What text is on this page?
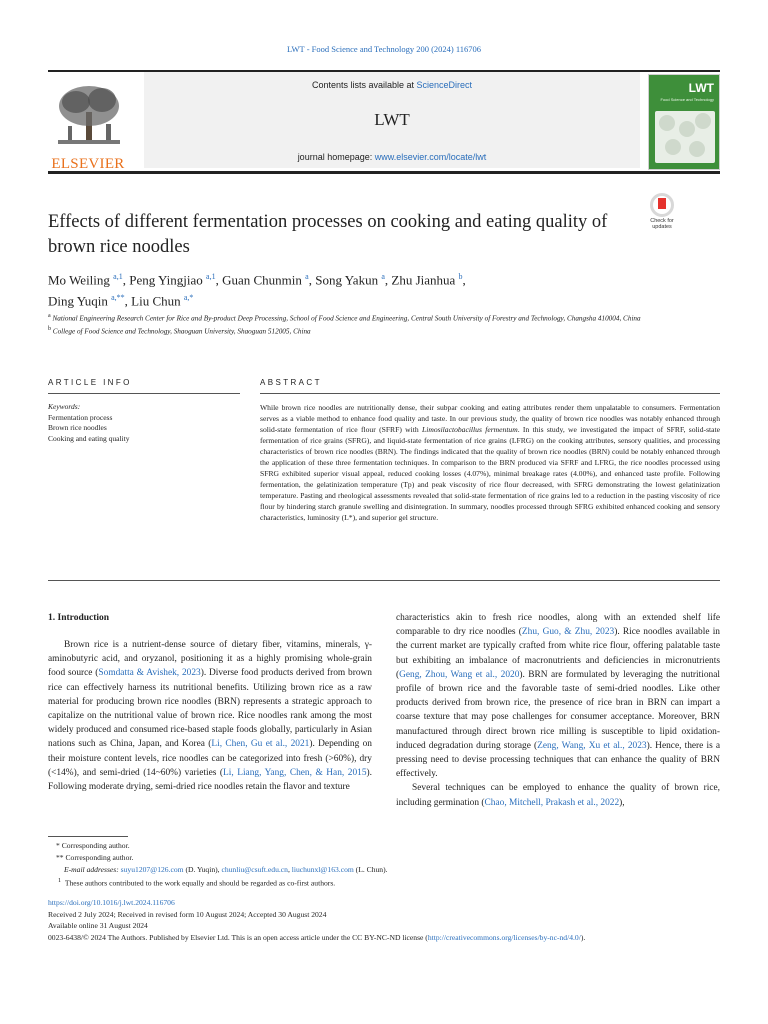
LWT - Food Science and Technology 200 (2024) 116706
ELSEVIER
Contents lists available at ScienceDirect
LWT
journal homepage: www.elsevier.com/locate/lwt
LWT
Food Science and Technology
Check for updates
Effects of different fermentation processes on cooking and eating quality of brown rice noodles
Mo Weiling $^{a,1}$, Peng Yingjiao $^{a,1}$, Guan Chunmin $^a$, Song Yakun $^a$, Zhu Jianhua $^b$,
Ding Yuqin $^{a,**}$, Liu Chun $^{a,*}$
$^a$ National Engineering Research Center for Rice and By-product Deep Processing, School of Food Science and Engineering, Central South University of Forestry and Technology, Changsha 410004, China
$^b$ College of Food Science and Technology, Shaoguan University, Shaoguan 512005, China
ARTICLE INFO	ABSTRACT
Keywords:
Fermentation process
Brown rice noodles
Cooking and eating quality
While brown rice noodles are nutritionally dense, their subpar cooking and eating attributes render them unpalatable to consumers. Fermentation serves as a viable method to enhance food quality and taste. In our previous study, the quality of brown rice noodles was notably enhanced through solid-state fermentation of rice flour (SFRF) with Limosilactobacillus fermentum. In this study, we investigated the impact of SFRF, solid-state fermentation of rice grains (SFRG), and liquid-state fermentation of rice grains (LFRG) on the cooking attributes, sensory qualities, and processing characteristics of brown rice noodles (BRN). The findings indicated that the quality of brown rice noodles (BRN) could be notably enhanced through the application of these three fermentation techniques. In comparison to the BRN produced via SFRF and LFRG, the rice noodles processed using SFRG exhibited superior visual appeal, reduced cooking losses (4.07%), minimal breakage rates (4.00%), and enhanced taste profile. Following fermentation, the gelatinization temperature (Tp) and peak viscosity of rice flour decreased, with SFRG demonstrating the lowest gelatinization temperature. Pasting and rheological assessments revealed that solid-state fermentation of rice grains led to a reduction in the pasting viscosity of rice flour by hindering starch granule swelling and disintegration. In summary, noodles processed through SFRG exhibited enhanced cooking and sensory characteristics, luminosity (L*), and superior gel structure.
1. Introduction

Brown rice is a nutrient-dense source of dietary fiber, vitamins, minerals, γ-aminobutyric acid, and oryzanol, positioning it as a highly promising whole-grain food source (Somdatta & Avishek, 2023). Diverse food products derived from brown rice can effectively harness its nutritional benefits. Utilizing brown rice as a raw material for producing brown rice noodles (BRN) represents a strategic approach to capitalize on the nutritional value of brown rice. Rice noodles rank among the most widely produced and consumed rice-based staple foods globally, particularly in Asian nations such as China, Japan, and Korea (Li, Chen, Gu et al., 2021). Depending on their moisture content levels, rice noodles can be categorized into fresh (>60%), dry (<14%), and semi-dried (14~60%) varieties (Li, Liang, Yang, Chen, & Han, 2015). Following moderate drying, semi-dried rice noodles retain the flavor and texture

characteristics akin to fresh rice noodles, along with an extended shelf life comparable to dry rice noodles (Zhu, Guo, & Zhu, 2023). Rice noodles available in the current market are typically crafted from white rice flour, offering palatable taste but exhibiting an imbalance of macronutrients and deficiencies in micronutrients (Geng, Zhou, Wang et al., 2020). BRN are formulated by leveraging the nutritional profile of brown rice and the favorable taste of semi-dried noodles. Like other products derived from brown rice, the presence of rice bran in BRN can impart a coarse texture that may pose challenges for consumer acceptance. Moreover, BRN manufactured through direct brown rice milling is susceptible to lipid oxidation-induced degradation during storage (Zeng, Wang, Xu et al., 2023). Hence, there is a pressing need to devise processing techniques that can enhance the quality of BRN effectively.

Several techniques can be employed to enhance the quality of brown rice, including germination (Chao, Mitchell, Prakash et al., 2022),

* Corresponding author.
** Corresponding author.
E-mail addresses: suyu1207@126.com (D. Yuqin), chunliu@csuft.edu.cn, liuchunxl@163.com (L. Chun).
$^1$ These authors contributed to the work equally and should be regarded as co-first authors.
https://doi.org/10.1016/j.lwt.2024.116706
Received 2 July 2024; Received in revised form 10 August 2024; Accepted 30 August 2024
Available online 31 August 2024
0023-6438/© 2024 The Authors. Published by Elsevier Ltd. This is an open access article under the CC BY-NC-ND license (http://creativecommons.org/licenses/by-nc-nd/4.0/).
